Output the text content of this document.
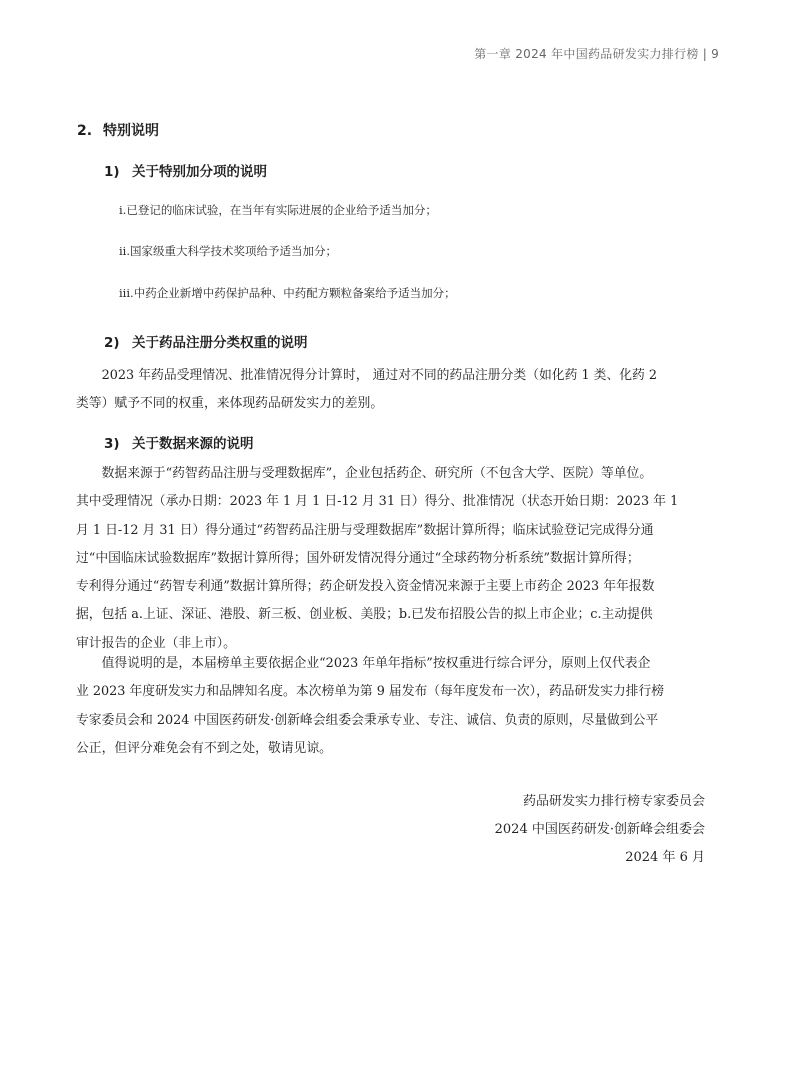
第一章 2024 年中国药品研发实力排行榜 | 9
2. 特别说明
1) 关于特别加分项的说明
i.已登记的临床试验，在当年有实际进展的企业给予适当加分；
ii.国家级重大科学技术奖项给予适当加分；
iii.中药企业新增中药保护品种、中药配方颗粒备案给予适当加分；
2) 关于药品注册分类权重的说明
　　2023 年药品受理情况、批准情况得分计算时， 通过对不同的药品注册分类（如化药 1 类、化药 2
类等）赋予不同的权重，来体现药品研发实力的差别。
3) 关于数据来源的说明
　　数据来源于“药智药品注册与受理数据库”，企业包括药企、研究所（不包含大学、医院）等单位。
其中受理情况（承办日期：2023 年 1 月 1 日-12 月 31 日）得分、批准情况（状态开始日期：2023 年 1
月 1 日-12 月 31 日）得分通过“药智药品注册与受理数据库”数据计算所得；临床试验登记完成得分通
过“中国临床试验数据库”数据计算所得；国外研发情况得分通过“全球药物分析系统”数据计算所得；
专利得分通过“药智专利通”数据计算所得；药企研发投入资金情况来源于主要上市药企 2023 年年报数
据，包括 a.上证、深证、港股、新三板、创业板、美股；b.已发布招股公告的拟上市企业；c.主动提供
审计报告的企业（非上市）。
　　值得说明的是，本届榜单主要依据企业“2023 年单年指标”按权重进行综合评分，原则上仅代表企
业 2023 年度研发实力和品牌知名度。本次榜单为第 9 届发布（每年度发布一次），药品研发实力排行榜
专家委员会和 2024 中国医药研发·创新峰会组委会秉承专业、专注、诚信、负责的原则，尽量做到公平
公正，但评分难免会有不到之处，敬请见谅。
药品研发实力排行榜专家委员会
2024 中国医药研发·创新峰会组委会
2024 年 6 月
